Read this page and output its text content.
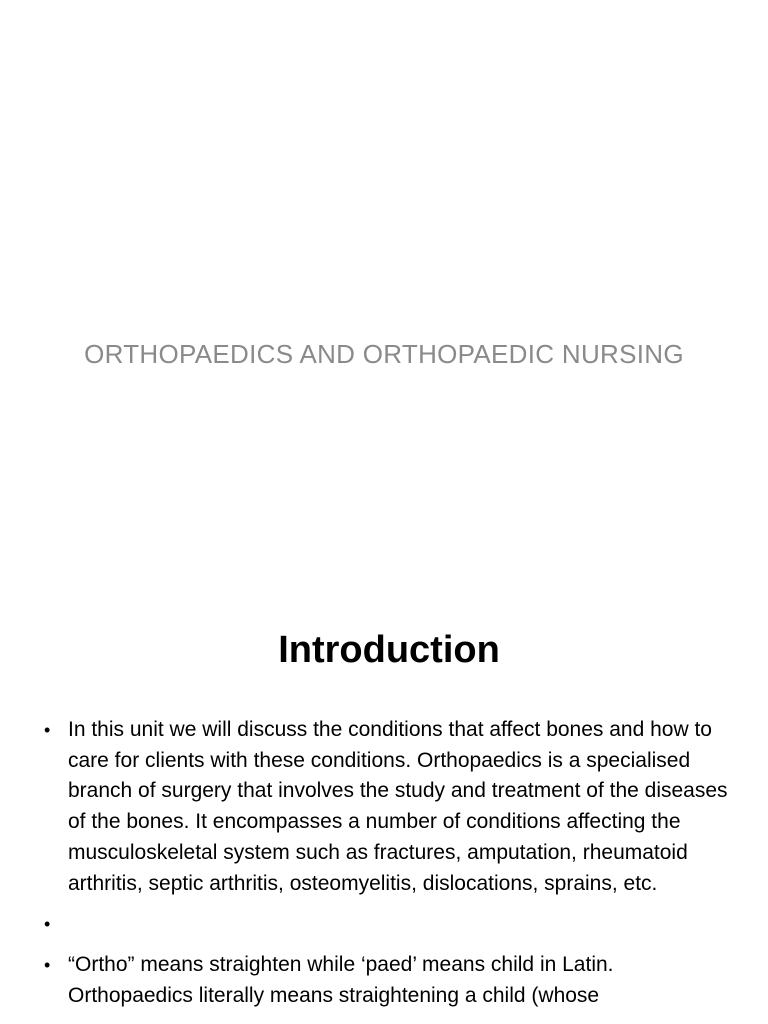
ORTHOPAEDICS AND ORTHOPAEDIC NURSING
Introduction
• In this unit we will discuss the conditions that affect bones and how to care for clients with these conditions. Orthopaedics is a specialised branch of surgery that involves the study and treatment of the diseases of the bones. It encompasses a number of conditions affecting the musculoskeletal system such as fractures, amputation, rheumatoid arthritis, septic arthritis, osteomyelitis, dislocations, sprains, etc.
•
• “Ortho” means straighten while ‘paed’ means child in Latin. Orthopaedics literally means straightening a child (whose
